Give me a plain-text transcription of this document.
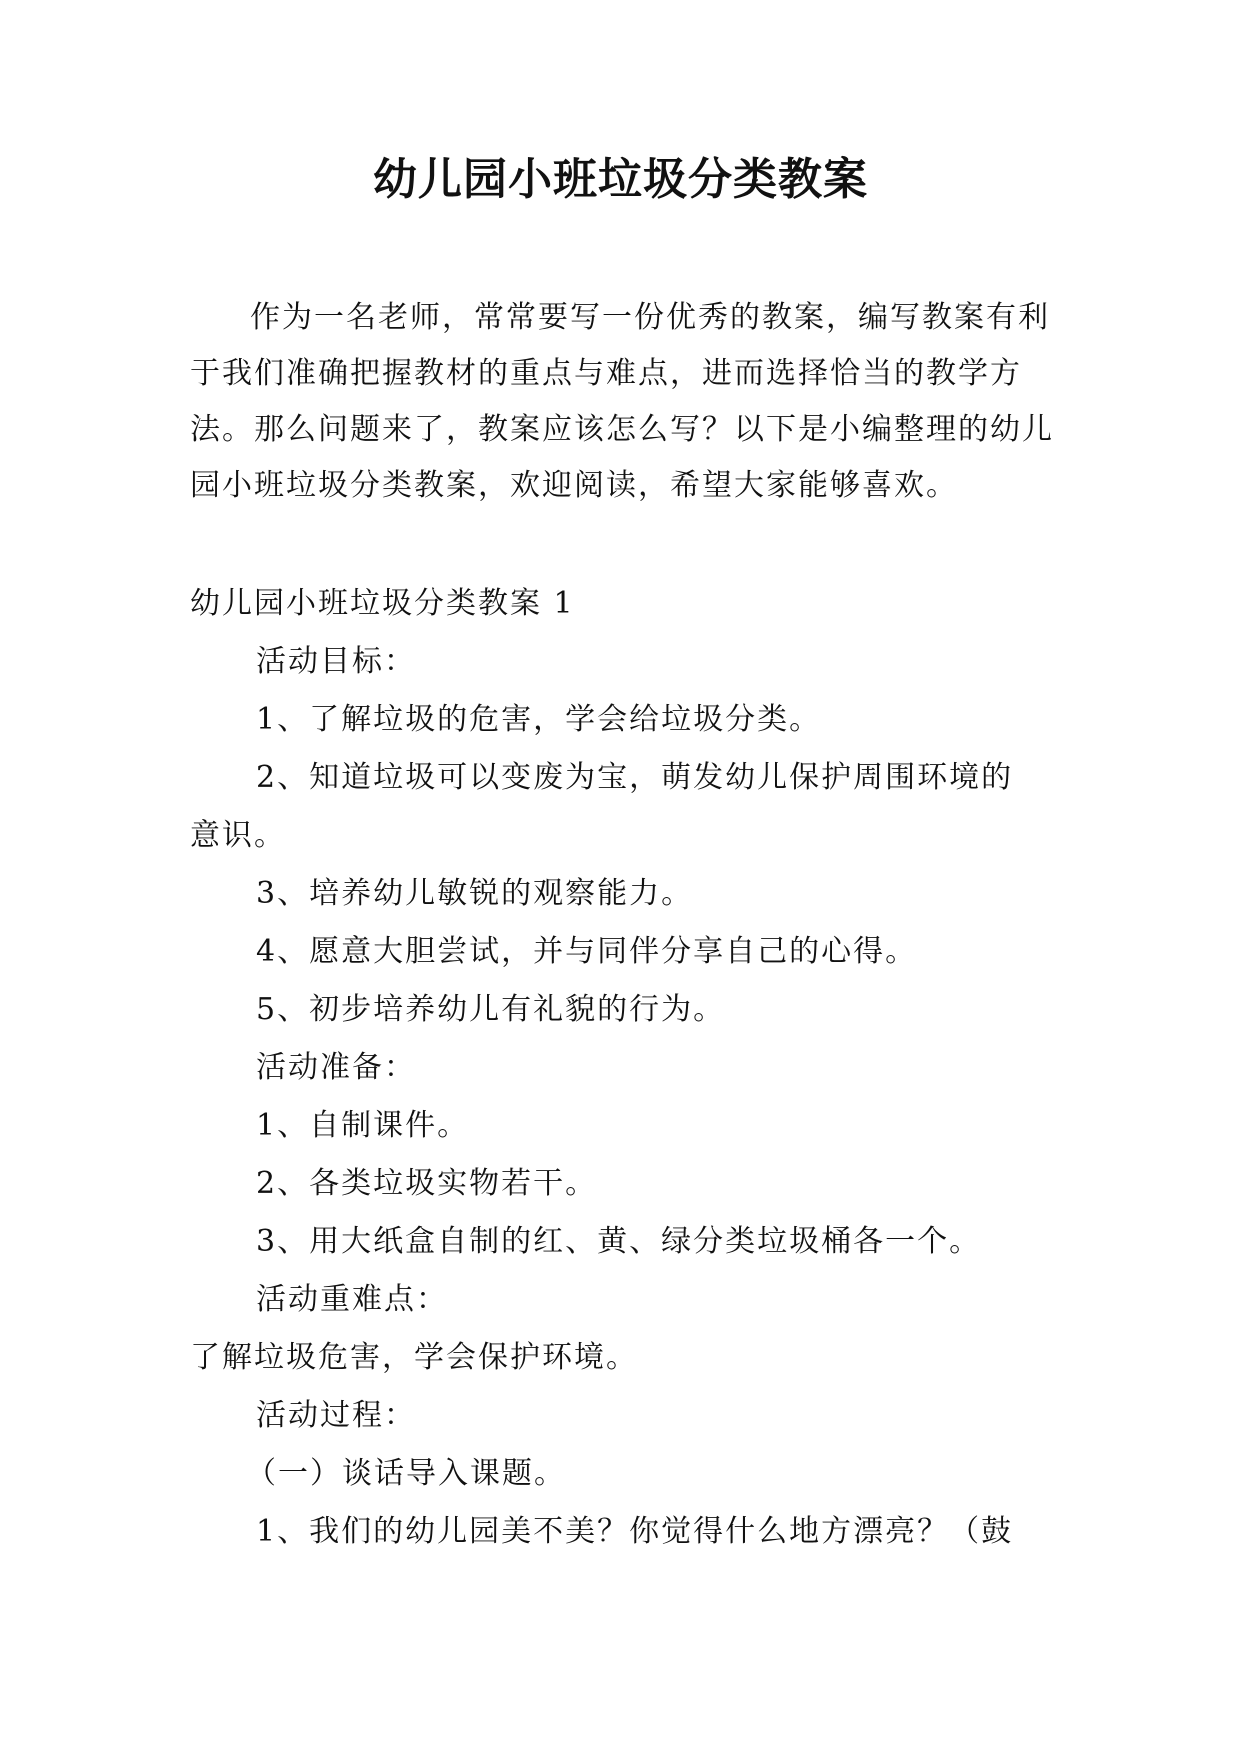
幼儿园小班垃圾分类教案

作为一名老师，常常要写一份优秀的教案，编写教案有利于我们准确把握教材的重点与难点，进而选择恰当的教学方法。那么问题来了，教案应该怎么写？以下是小编整理的幼儿园小班垃圾分类教案，欢迎阅读，希望大家能够喜欢。

幼儿园小班垃圾分类教案 1

活动目标：

1、了解垃圾的危害，学会给垃圾分类。

2、知道垃圾可以变废为宝，萌发幼儿保护周围环境的

意识。

3、培养幼儿敏锐的观察能力。

4、愿意大胆尝试，并与同伴分享自己的心得。

5、初步培养幼儿有礼貌的行为。

活动准备：

1、自制课件。

2、各类垃圾实物若干。

3、用大纸盒自制的红、黄、绿分类垃圾桶各一个。

活动重难点：

了解垃圾危害，学会保护环境。

活动过程：

（一）谈话导入课题。

1、我们的幼儿园美不美？你觉得什么地方漂亮？（鼓
